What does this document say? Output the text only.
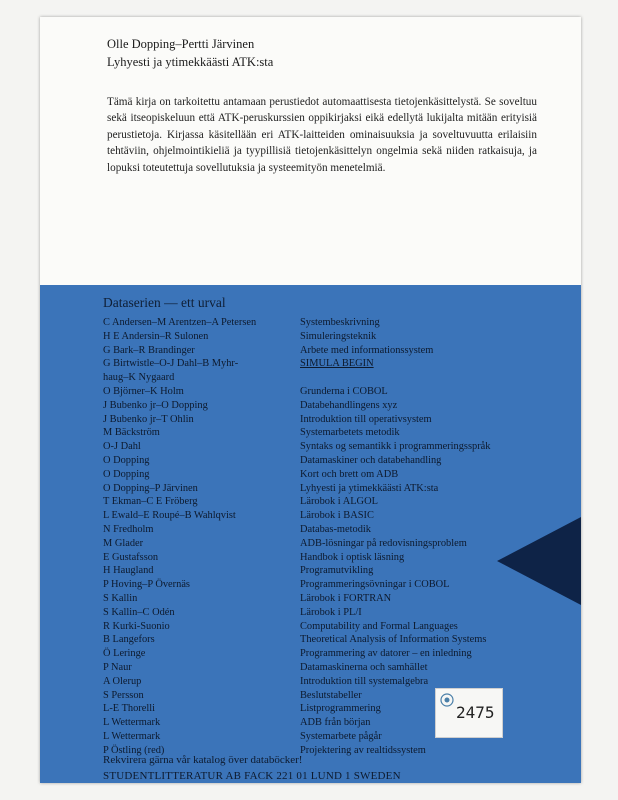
Olle Dopping–Pertti Järvinen
Lyhyesti ja ytimekkäästi ATK:sta
Tämä kirja on tarkoitettu antamaan perustiedot automaattisesta tietojenkäsittelystä. Se soveltuu sekä itseopiskeluun että ATK-peruskurssien oppikirjaksi eikä edellytä lukijalta mitään erityisiä perustietoja. Kirjassa käsitellään eri ATK-laitteiden ominaisuuksia ja soveltuvuutta erilaisiin tehtäviin, ohjelmointikieliä ja tyypillisiä tietojenkäsittelyn ongelmia sekä niiden ratkaisuja, ja lopuksi toteutettuja sovellutuksia ja systeemityön menetelmiä.
Dataserien — ett urval
C Andersen–M Arentzen–A Petersen	Systembeskrivning
H E Andersin–R Sulonen	Simuleringsteknik
G Bark–R Brandinger	Arbete med informationssystem
G Birtwistle–O-J Dahl–B Myhr-	SIMULA BEGIN
haug–K Nygaard
O Björner–K Holm	Grunderna i COBOL
J Bubenko jr–O Dopping	Databehandlingens xyz
J Bubenko jr–T Ohlin	Introduktion till operativsystem
M Bäckström	Systemarbetets metodik
O-J Dahl	Syntaks og semantikk i programmeringsspråk
O Dopping	Datamaskiner och databehandling
O Dopping	Kort och brett om ADB
O Dopping–P Järvinen	Lyhyesti ja ytimekkäästi ATK:sta
T Ekman–C E Fröberg	Lärobok i ALGOL
L Ewald–E Roupé–B Wahlqvist	Lärobok i BASIC
N Fredholm	Databas-metodik
M Glader	ADB-lösningar på redovisningsproblem
E Gustafsson	Handbok i optisk läsning
H Haugland	Programutvikling
P Hoving–P Övernäs	Programmeringsövningar i COBOL
S Kallin	Lärobok i FORTRAN
S Kallin–C Odén	Lärobok i PL/I
R Kurki-Suonio	Computability and Formal Languages
B Langefors	Theoretical Analysis of Information Systems
Ö Leringe	Programmering av datorer – en inledning
P Naur	Datamaskinerna och samhället
A Olerup	Introduktion till systemalgebra
S Persson	Beslutstabeller
L-E Thorelli	Listprogrammering
L Wettermark	ADB från början
L Wettermark	Systemarbete pågår
P Östling (red)	Projektering av realtidssystem
2475
Rekvirera gärna vår katalog över databöcker!
STUDENTLITTERATUR AB FACK 221 01 LUND 1 SWEDEN
